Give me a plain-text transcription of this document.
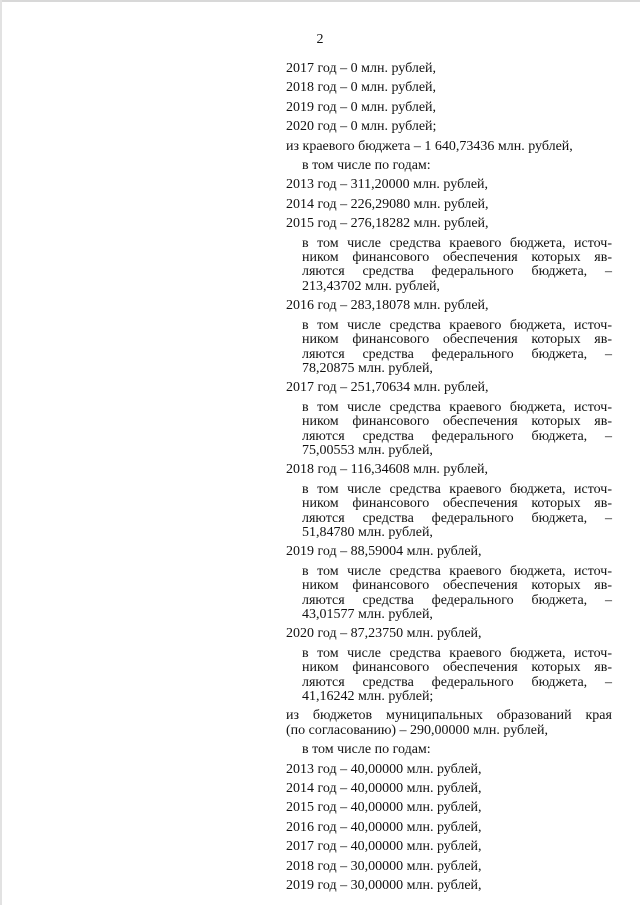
2
2017 год – 0 млн. рублей,
2018 год – 0 млн. рублей,
2019 год – 0 млн. рублей,
2020 год – 0 млн. рублей;
из краевого бюджета – 1 640,73436 млн. рублей,
в том числе по годам:
2013 год – 311,20000 млн. рублей,
2014 год – 226,29080 млн. рублей,
2015 год – 276,18282 млн. рублей,
в том числе средства краевого бюджета, источ-
ником финансового обеспечения которых яв-
ляются средства федерального бюджета, –
213,43702 млн. рублей,
2016 год – 283,18078 млн. рублей,
в том числе средства краевого бюджета, источ-
ником финансового обеспечения которых яв-
ляются средства федерального бюджета, –
78,20875 млн. рублей,
2017 год – 251,70634 млн. рублей,
в том числе средства краевого бюджета, источ-
ником финансового обеспечения которых яв-
ляются средства федерального бюджета, –
75,00553 млн. рублей,
2018 год – 116,34608 млн. рублей,
в том числе средства краевого бюджета, источ-
ником финансового обеспечения которых яв-
ляются средства федерального бюджета, –
51,84780 млн. рублей,
2019 год – 88,59004 млн. рублей,
в том числе средства краевого бюджета, источ-
ником финансового обеспечения которых яв-
ляются средства федерального бюджета, –
43,01577 млн. рублей,
2020 год – 87,23750 млн. рублей,
в том числе средства краевого бюджета, источ-
ником финансового обеспечения которых яв-
ляются средства федерального бюджета, –
41,16242 млн. рублей;
из бюджетов муниципальных образований края
(по согласованию) – 290,00000 млн. рублей,
в том числе по годам:
2013 год – 40,00000 млн. рублей,
2014 год – 40,00000 млн. рублей,
2015 год – 40,00000 млн. рублей,
2016 год – 40,00000 млн. рублей,
2017 год – 40,00000 млн. рублей,
2018 год – 30,00000 млн. рублей,
2019 год – 30,00000 млн. рублей,
